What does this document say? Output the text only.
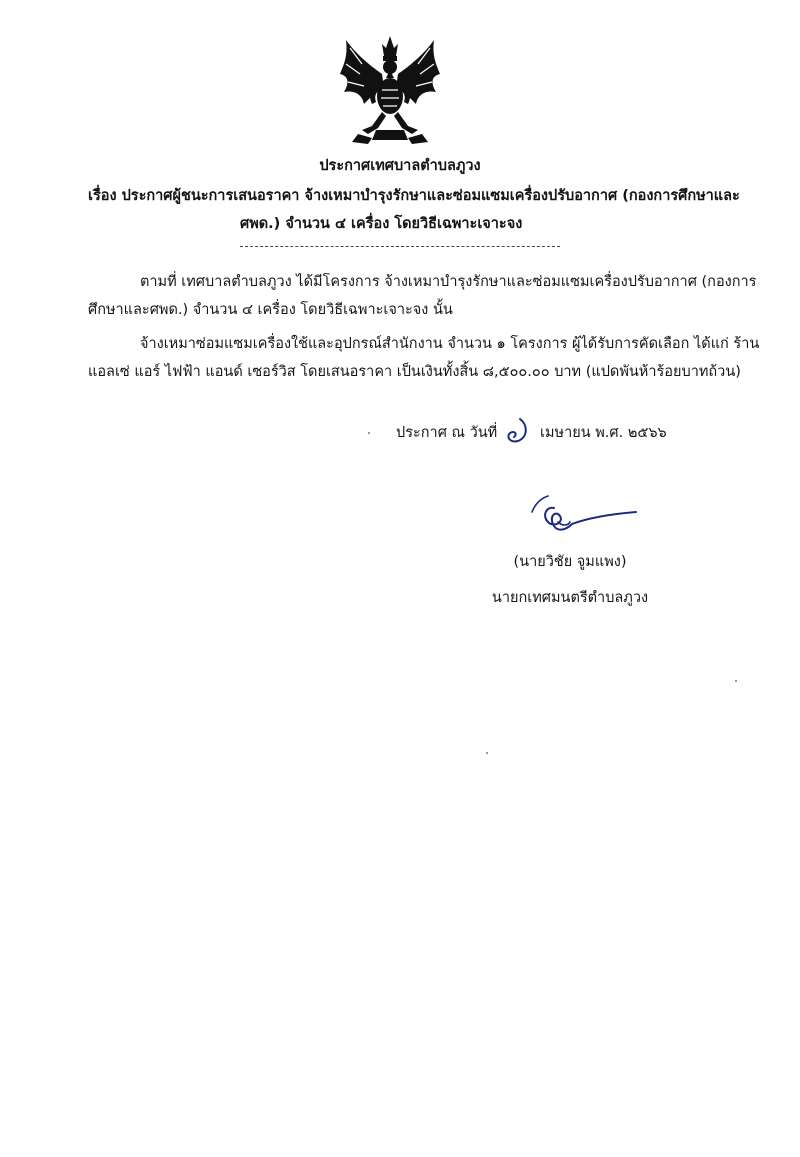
ประกาศเทศบาลตำบลภูวง
เรื่อง ประกาศผู้ชนะการเสนอราคา จ้างเหมาบำรุงรักษาและซ่อมแซมเครื่องปรับอากาศ (กองการศึกษาและ
ศพด.) จำนวน ๔ เครื่อง โดยวิธีเฉพาะเจาะจง
ตามที่ เทศบาลตำบลภูวง ได้มีโครงการ จ้างเหมาบำรุงรักษาและซ่อมแซมเครื่องปรับอากาศ (กองการ
ศึกษาและศพด.) จำนวน ๔ เครื่อง โดยวิธีเฉพาะเจาะจง นั้น
จ้างเหมาซ่อมแซมเครื่องใช้และอุปกรณ์สำนักงาน จำนวน ๑ โครงการ ผู้ได้รับการคัดเลือก ได้แก่ ร้าน
แอลเซ่ แอร์ ไฟฟ้า แอนด์ เซอร์วิส โดยเสนอราคา เป็นเงินทั้งสิ้น ๘,๕๐๐.๐๐ บาท (แปดพันห้าร้อยบาทถ้วน)
ประกาศ ณ วันที่	เมษายน พ.ศ. ๒๕๖๖
(นายวิชัย จูมแพง)
นายกเทศมนตรีตำบลภูวง
